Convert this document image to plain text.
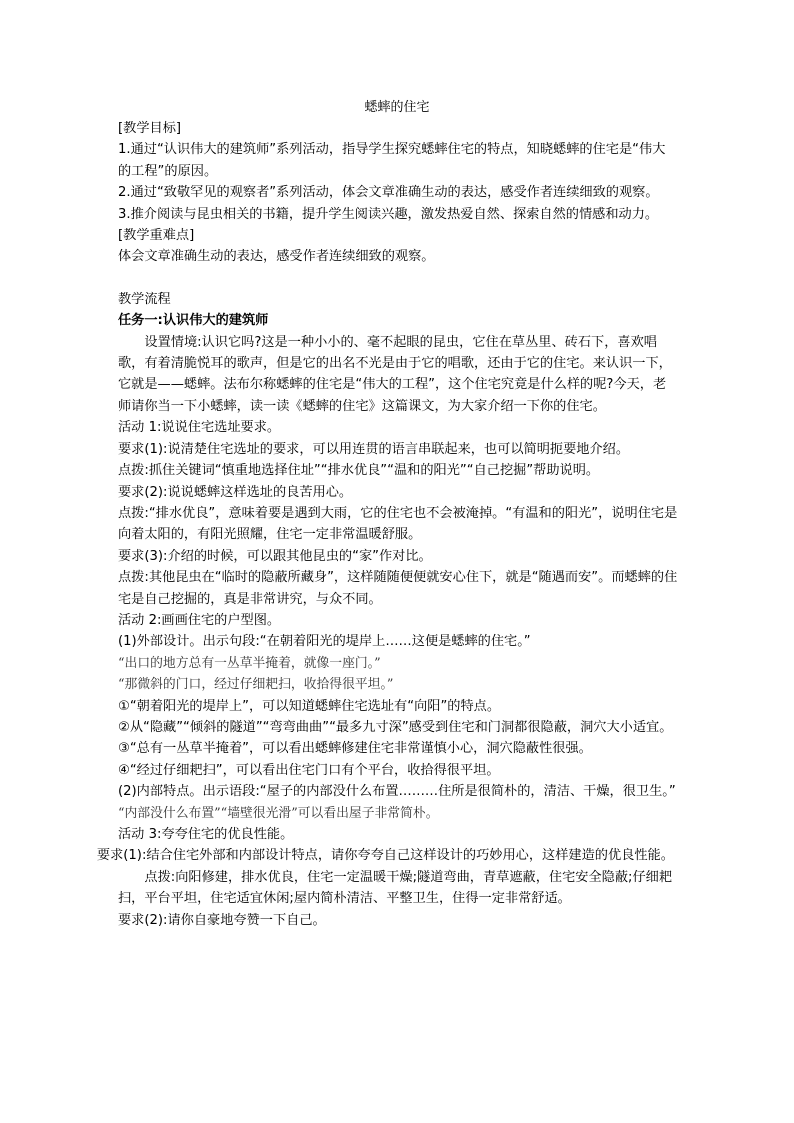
蟋蟀的住宅

[教学目标]

1.通过“认识伟大的建筑师”系列活动，指导学生探究蟋蟀住宅的特点，知晓蟋蟀的住宅是“伟大的工程”的原因。

2.通过“致敬罕见的观察者”系列活动，体会文章准确生动的表达，感受作者连续细致的观察。

3.推介阅读与昆虫相关的书籍，提升学生阅读兴趣，激发热爱自然、探索自然的情感和动力。

[教学重难点]

体会文章准确生动的表达，感受作者连续细致的观察。

教学流程

任务一:认识伟大的建筑师

设置情境:认识它吗?这是一种小小的、毫不起眼的昆虫，它住在草丛里、砖石下，喜欢唱歌，有着清脆悦耳的歌声，但是它的出名不光是由于它的唱歌，还由于它的住宅。来认识一下，它就是——蟋蟀。法布尔称蟋蟀的住宅是“伟大的工程”，这个住宅究竟是什么样的呢?今天，老师请你当一下小蟋蟀，读一读《蟋蟀的住宅》这篇课文，为大家介绍一下你的住宅。

活动 1:说说住宅选址要求。

要求(1):说清楚住宅选址的要求，可以用连贯的语言串联起来，也可以简明扼要地介绍。

点拨:抓住关键词“慎重地选择住址”“排水优良”“温和的阳光”“自己挖掘”帮助说明。

要求(2):说说蟋蟀这样选址的良苦用心。

点拨:“排水优良”，意味着要是遇到大雨，它的住宅也不会被淹掉。“有温和的阳光”，说明住宅是向着太阳的，有阳光照耀，住宅一定非常温暖舒服。

要求(3):介绍的时候，可以跟其他昆虫的“家”作对比。

点拨:其他昆虫在“临时的隐蔽所藏身”，这样随随便便就安心住下，就是“随遇而安”。而蟋蟀的住宅是自己挖掘的，真是非常讲究，与众不同。

活动 2:画画住宅的户型图。

(1)外部设计。出示句段:“在朝着阳光的堤岸上……这便是蟋蟀的住宅。”

“出口的地方总有一丛草半掩着，就像一座门。”

“那微斜的门口，经过仔细耙扫，收拾得很平坦。”

①“朝着阳光的堤岸上”，可以知道蟋蟀住宅选址有“向阳”的特点。

②从“隐藏”“倾斜的隧道”“弯弯曲曲”“最多九寸深”感受到住宅和门洞都很隐蔽，洞穴大小适宜。

③“总有一丛草半掩着”，可以看出蟋蟀修建住宅非常谨慎小心，洞穴隐蔽性很强。

④“经过仔细耙扫”，可以看出住宅门口有个平台，收拾得很平坦。

(2)内部特点。出示语段:“屋子的内部没什么布置………住所是很简朴的，清洁、干燥，很卫生。”

“内部没什么布置”“墙壁很光滑”可以看出屋子非常简朴。

活动 3:夸夸住宅的优良性能。

要求(1):结合住宅外部和内部设计特点，请你夸夸自己这样设计的巧妙用心，这样建造的优良性能。

点拨:向阳修建，排水优良，住宅一定温暖干燥;隧道弯曲，青草遮蔽，住宅安全隐蔽;仔细耙扫，平台平坦，住宅适宜休闲;屋内简朴清洁、平整卫生，住得一定非常舒适。

要求(2):请你自豪地夸赞一下自己。
